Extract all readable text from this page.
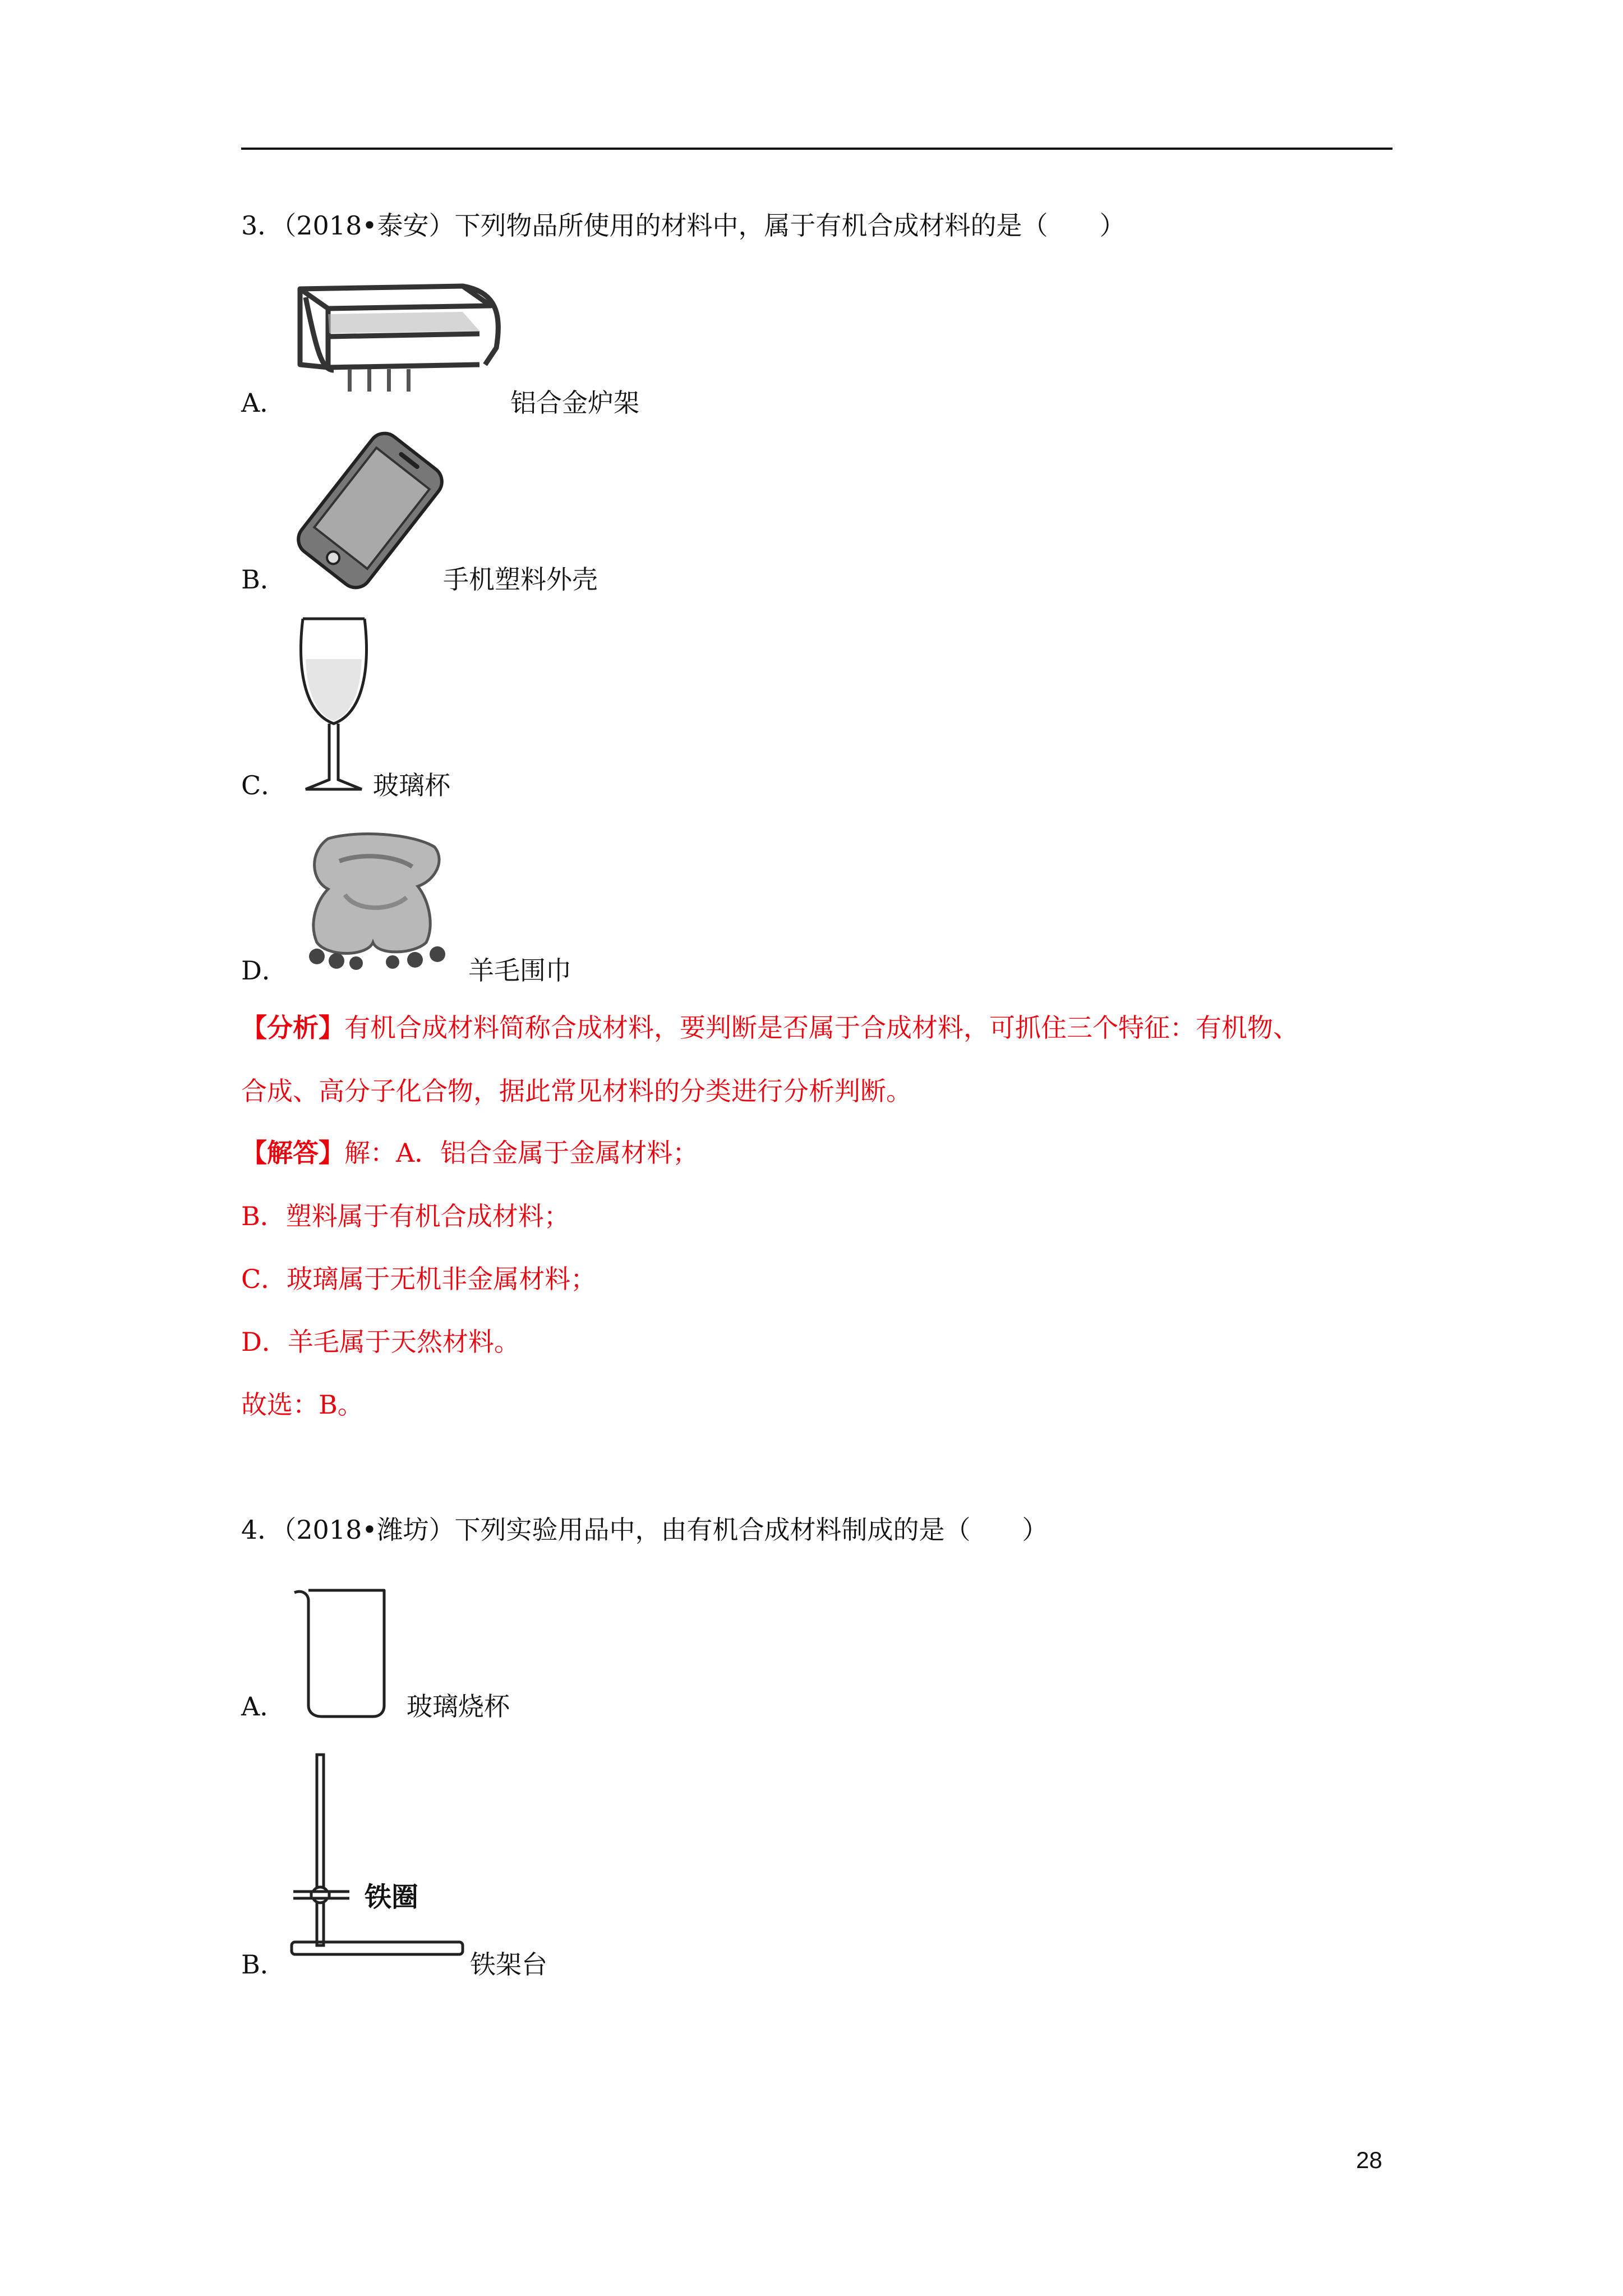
3．（2018•泰安）下列物品所使用的材料中，属于有机合成材料的是（　　）
A．	铝合金炉架
B．	手机塑料外壳
C．	玻璃杯
D．	羊毛围巾
【分析】有机合成材料简称合成材料，要判断是否属于合成材料，可抓住三个特征：有机物、
合成、高分子化合物，据此常见材料的分类进行分析判断。
【解答】解：A．铝合金属于金属材料；
B．塑料属于有机合成材料；
C．玻璃属于无机非金属材料；
D．羊毛属于天然材料。
故选：B。
4．（2018•潍坊）下列实验用品中，由有机合成材料制成的是（　　）
A．	玻璃烧杯
铁圈
B．	铁架台
28
